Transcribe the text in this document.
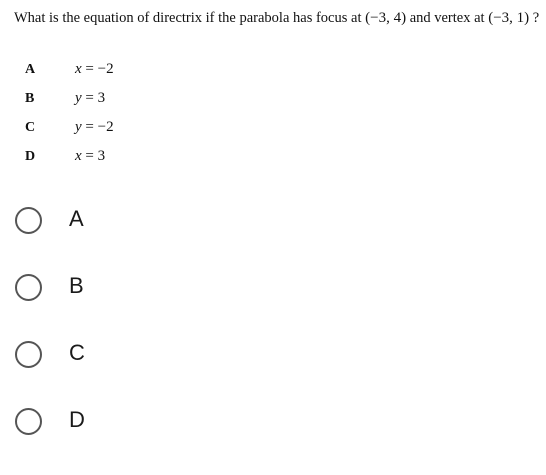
What is the equation of directrix if the parabola has focus at (−3, 4) and vertex at (−3, 1) ?
A	x = −2
B	y = 3
C	y = −2
D	x = 3
A
B
C
D
